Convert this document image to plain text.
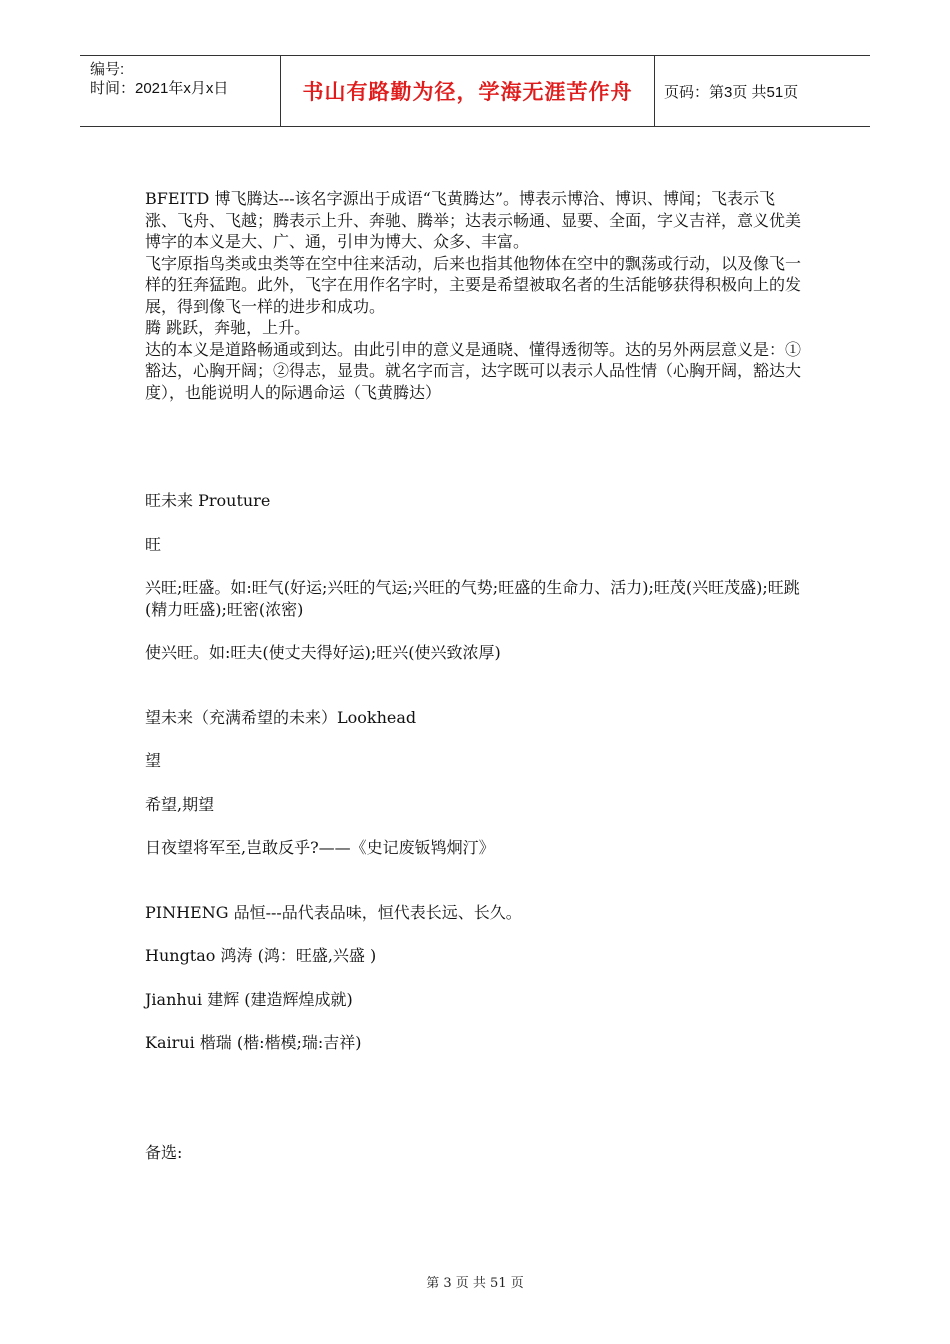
编号:
时间：2021年x月x日	书山有路勤为径，学海无涯苦作舟	页码：第3页 共51页

BFEITD 博飞腾达---该名字源出于成语“飞黄腾达”。博表示博洽、博识、博闻；飞表示飞涨、飞舟、飞越；腾表示上升、奔驰、腾举；达表示畅通、显要、全面，字义吉祥，意义优美

博字的本义是大、广、通，引申为博大、众多、丰富。

飞字原指鸟类或虫类等在空中往来活动，后来也指其他物体在空中的飘荡或行动，以及像飞一样的狂奔猛跑。此外，飞字在用作名字时，主要是希望被取名者的生活能够获得积极向上的发展，得到像飞一样的进步和成功。

腾 跳跃，奔驰，上升。

达的本义是道路畅通或到达。由此引申的意义是通晓、懂得透彻等。达的另外两层意义是：①豁达，心胸开阔；②得志，显贵。就名字而言，达字既可以表示人品性情（心胸开阔，豁达大度），也能说明人的际遇命运（飞黄腾达）

旺未来 Prouture

旺

兴旺;旺盛。如:旺气(好运;兴旺的气运;兴旺的气势;旺盛的生命力、活力);旺茂(兴旺茂盛);旺跳(精力旺盛);旺密(浓密)

使兴旺。如:旺夫(使丈夫得好运);旺兴(使兴致浓厚)

望未来（充满希望的未来）Lookhead

望

希望,期望

日夜望将军至,岂敢反乎?——《史记废钣鸨炯汀》

PINHENG 品恒---品代表品味，恒代表长远、长久。

Hungtao 鸿涛 (鸿：旺盛,兴盛 )

Jianhui 建辉 (建造辉煌成就)

Kairui 楷瑞 (楷:楷模;瑞:吉祥)

备选:

第 3 页 共 51 页
